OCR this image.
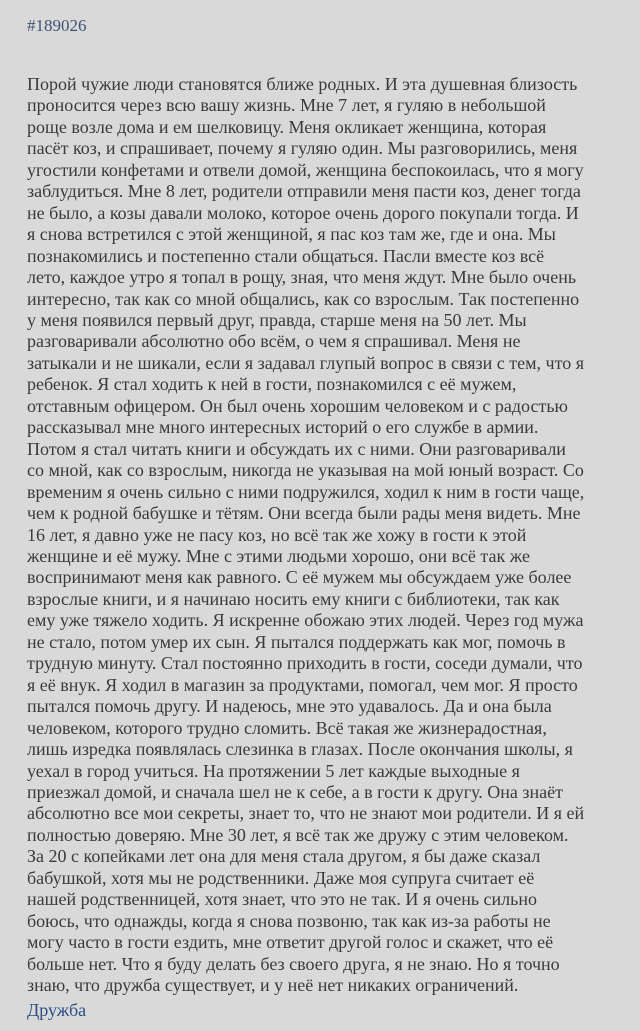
#189026
Порой чужие люди становятся ближе родных. И эта душевная близость
проносится через всю вашу жизнь. Мне 7 лет, я гуляю в небольшой
роще возле дома и ем шелковицу. Меня окликает женщина, которая
пасёт коз, и спрашивает, почему я гуляю один. Мы разговорились, меня
угостили конфетами и отвели домой, женщина беспокоилась, что я могу
заблудиться. Мне 8 лет, родители отправили меня пасти коз, денег тогда
не было, а козы давали молоко, которое очень дорого покупали тогда. И
я снова встретился с этой женщиной, я пас коз там же, где и она. Мы
познакомились и постепенно стали общаться. Пасли вместе коз всё
лето, каждое утро я топал в рощу, зная, что меня ждут. Мне было очень
интересно, так как со мной общались, как со взрослым. Так постепенно
у меня появился первый друг, правда, старше меня на 50 лет. Мы
разговаривали абсолютно обо всём, о чем я спрашивал. Меня не
затыкали и не шикали, если я задавал глупый вопрос в связи с тем, что я
ребенок. Я стал ходить к ней в гости, познакомился с её мужем,
отставным офицером. Он был очень хорошим человеком и с радостью
рассказывал мне много интересных историй о его службе в армии.
Потом я стал читать книги и обсуждать их с ними. Они разговаривали
со мной, как со взрослым, никогда не указывая на мой юный возраст. Со
временим я очень сильно с ними подружился, ходил к ним в гости чаще,
чем к родной бабушке и тётям. Они всегда были рады меня видеть. Мне
16 лет, я давно уже не пасу коз, но всё так же хожу в гости к этой
женщине и её мужу. Мне с этими людьми хорошо, они всё так же
воспринимают меня как равного. С её мужем мы обсуждаем уже более
взрослые книги, и я начинаю носить ему книги с библиотеки, так как
ему уже тяжело ходить. Я искренне обожаю этих людей. Через год мужа
не стало, потом умер их сын. Я пытался поддержать как мог, помочь в
трудную минуту. Стал постоянно приходить в гости, соседи думали, что
я её внук. Я ходил в магазин за продуктами, помогал, чем мог. Я просто
пытался помочь другу. И надеюсь, мне это удавалось. Да и она была
человеком, которого трудно сломить. Всё такая же жизнерадостная,
лишь изредка появлялась слезинка в глазах. После окончания школы, я
уехал в город учиться. На протяжении 5 лет каждые выходные я
приезжал домой, и сначала шел не к себе, а в гости к другу. Она знаёт
абсолютно все мои секреты, знает то, что не знают мои родители. И я ей
полностью доверяю. Мне 30 лет, я всё так же дружу с этим человеком.
За 20 с копейками лет она для меня стала другом, я бы даже сказал
бабушкой, хотя мы не родственники. Даже моя супруга считает её
нашей родственницей, хотя знает, что это не так. И я очень сильно
боюсь, что однажды, когда я снова позвоню, так как из-за работы не
могу часто в гости ездить, мне ответит другой голос и скажет, что её
больше нет. Что я буду делать без своего друга, я не знаю. Но я точно
знаю, что дружба существует, и у неё нет никаких ограничений.
Дружба
